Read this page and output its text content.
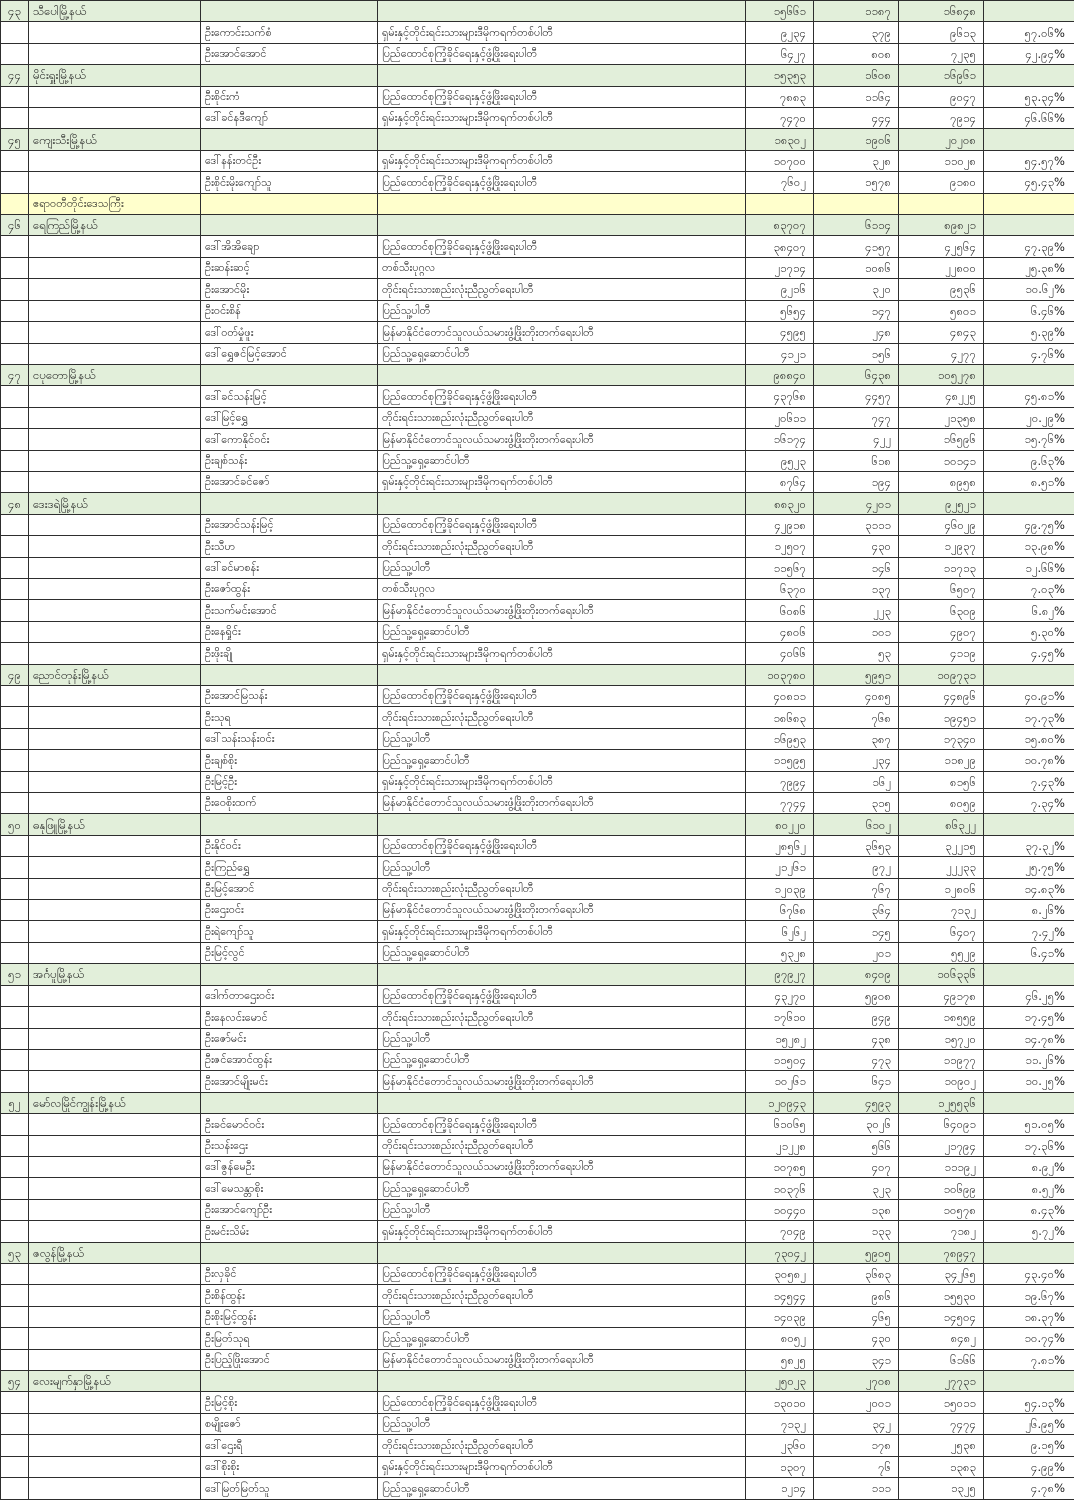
၄၃	သီပေါမြို့နယ်			၁၅၆၆၁	၁၁၈၇	၁၆၈၄၈	
		ဦးကောင်းသက်စံ	ရှမ်းနှင့်တိုင်းရင်းသားများဒီမိုကရက်တစ်ပါတီ	၉၂၃၄	၃၇၉	၉၆၁၃	၅၇.၀၆%
		ဦးအောင်အောင်	ပြည်ထောင်စုကြံ့ခိုင်ရေးနှင့်ဖွံ့ဖြိုးရေးပါတီ	၆၄၂၇	၈၀၈	၇၂၃၅	၄၂.၉၄%
၄၄	မိုင်းရှူးမြို့နယ်			၁၅၃၅၃	၁၆၀၈	၁၆၉၆၁	
		ဦးစိုင်းကံ	ပြည်ထောင်စုကြံ့ခိုင်ရေးနှင့်ဖွံ့ဖြိုးရေးပါတီ	၇၈၈၃	၁၁၆၄	၉၀၄၇	၅၃.၃၄%
		ဒေါ်ခင်နဒီကျော်	ရှမ်းနှင့်တိုင်းရင်းသားများဒီမိုကရက်တစ်ပါတီ	၇၄၇၀	၄၄၄	၇၉၁၄	၄၆.၆၆%
၄၅	ကျေးသီးမြို့နယ်			၁၈၃၀၂	၁၉၀၆	၂၀၂၀၈	
		ဒေါ်နန်းတင်ဦး	ရှမ်းနှင့်တိုင်းရင်းသားများဒီမိုကရက်တစ်ပါတီ	၁၀၇၀၀	၃၂၈	၁၁၀၂၈	၅၄.၅၇%
		ဦးစိုင်းမိုးကျော်သူ	ပြည်ထောင်စုကြံ့ခိုင်ရေးနှင့်ဖွံ့ဖြိုးရေးပါတီ	၇၆၀၂	၁၅၇၈	၉၁၈၀	၄၅.၄၃%
	ဧရာဝတီတိုင်းဒေသကြီး						
၄၆	ရေကြည်မြို့နယ်			၈၃၇၀၇	၆၁၁၄	၈၉၈၂၁	
		ဒေါ်အိအိချော	ပြည်ထောင်စုကြံ့ခိုင်ရေးနှင့်ဖွံ့ဖြိုးရေးပါတီ	၃၈၄၀၇	၄၁၅၇	၄၂၅၆၄	၄၇.၃၉%
		ဦးဆန်းဆင့်	တစ်သီးပုဂ္ဂလ	၂၁၇၁၄	၁၀၈၆	၂၂၈၀၀	၂၅.၃၈%
		ဦးအောင်မိုး	တိုင်းရင်းသားစည်းလုံးညီညွတ်ရေးပါတီ	၉၂၁၆	၃၂၀	၉၅၃၆	၁၀.၆၂%
		ဦးဝင်းစိန်	ပြည်သူ့ပါတီ	၅၆၅၄	၁၄၇	၅၈၀၁	၆.၄၆%
		ဒေါ်ဝတ်မှုံဖူး	မြန်မာနိုင်ငံတောင်သူလယ်သမားဖွံ့ဖြိုးတိုးတက်ရေးပါတီ	၄၅၉၅	၂၄၈	၄၈၄၃	၅.၃၉%
		ဒေါ်ရွှေဇင်မြင့်အောင်	ပြည်သူ့ရှေ့ဆောင်ပါတီ	၄၁၂၁	၁၅၆	၄၂၇၇	၄.၇၆%
၄၇	ငပုတောမြို့နယ်			၉၈၈၄၀	၆၄၃၈	၁၀၅၂၇၈	
		ဒေါ်ခင်သန်းမြင့်	ပြည်ထောင်စုကြံ့ခိုင်ရေးနှင့်ဖွံ့ဖြိုးရေးပါတီ	၄၃၇၆၈	၄၄၅၇	၄၈၂၂၅	၄၅.၈၁%
		ဒေါ်မြင့်ရွှေ	တိုင်းရင်းသားစည်းလုံးညီညွတ်ရေးပါတီ	၂၀၆၁၁	၇၄၇	၂၁၃၅၈	၂၀.၂၉%
		ဒေါ်ကောနိုင်ဝင်း	မြန်မာနိုင်ငံတောင်သူလယ်သမားဖွံ့ဖြိုးတိုးတက်ရေးပါတီ	၁၆၁၇၄	၄၂၂	၁၆၅၉၆	၁၅.၇၆%
		ဦးချစ်သန်း	ပြည်သူ့ရှေ့ဆောင်ပါတီ	၉၅၂၃	၆၁၈	၁၀၁၄၁	၉.၆၃%
		ဦးအောင်ခင်ဇော်	ရှမ်းနှင့်တိုင်းရင်းသားများဒီမိုကရက်တစ်ပါတီ	၈၇၆၄	၁၉၄	၈၉၅၈	၈.၅၁%
၄၈	ဒေးဒရဲမြို့နယ်			၈၈၃၂၀	၄၂၀၁	၉၂၅၂၁	
		ဦးအောင်သန်းမြင့်	ပြည်ထောင်စုကြံ့ခိုင်ရေးနှင့်ဖွံ့ဖြိုးရေးပါတီ	၄၂၉၁၈	၃၁၁၁	၄၆၀၂၉	၄၉.၇၅%
		ဦးသီဟ	တိုင်းရင်းသားစည်းလုံးညီညွတ်ရေးပါတီ	၁၂၅၀၇	၄၃၀	၁၂၉၃၇	၁၃.၉၈%
		ဒေါ်ခင်မာစန်း	ပြည်သူ့ပါတီ	၁၁၅၆၇	၁၄၆	၁၁၇၁၃	၁၂.၆၆%
		ဦးဇော်ထွန်း	တစ်သီးပုဂ္ဂလ	၆၃၇၀	၁၃၇	၆၅၀၇	၇.၀၃%
		ဦးသက်မင်းအောင်	မြန်မာနိုင်ငံတောင်သူလယ်သမားဖွံ့ဖြိုးတိုးတက်ရေးပါတီ	၆၀၈၆	၂၂၃	၆၃၀၉	၆.၈၂%
		ဦးနေရှိုင်း	ပြည်သူ့ရှေ့ဆောင်ပါတီ	၄၈၀၆	၁၀၁	၄၉၀၇	၅.၃၀%
		ဦးဖိုးချို	ရှမ်းနှင့်တိုင်းရင်းသားများဒီမိုကရက်တစ်ပါတီ	၄၀၆၆	၅၃	၄၁၁၉	၄.၄၅%
၄၉	ညောင်တုန်းမြို့နယ်			၁၀၃၇၈၀	၅၉၅၁	၁၀၉၇၃၁	
		ဦးအောင်မြသန်း	ပြည်ထောင်စုကြံ့ခိုင်ရေးနှင့်ဖွံ့ဖြိုးရေးပါတီ	၄၀၈၁၁	၄၀၈၅	၄၄၈၉၆	၄၀.၉၁%
		ဦးသုရ	တိုင်းရင်းသားစည်းလုံးညီညွတ်ရေးပါတီ	၁၈၆၈၃	၇၆၈	၁၉၄၅၁	၁၇.၇၃%
		ဒေါ်သန်းသန်းဝင်း	ပြည်သူ့ပါတီ	၁၆၉၅၃	၃၈၇	၁၇၃၄၀	၁၅.၈၀%
		ဦးချစ်စိုး	ပြည်သူ့ရှေ့ဆောင်ပါတီ	၁၁၅၉၅	၂၃၄	၁၁၈၂၉	၁၀.၇၈%
		ဦးမြင့်ဦး	ရှမ်းနှင့်တိုင်းရင်းသားများဒီမိုကရက်တစ်ပါတီ	၇၉၉၄	၁၆၂	၈၁၅၆	၇.၄၃%
		ဦးဝေစိုးထက်	မြန်မာနိုင်ငံတောင်သူလယ်သမားဖွံ့ဖြိုးတိုးတက်ရေးပါတီ	၇၇၄၄	၃၁၅	၈၀၅၉	၇.၃၄%
၅၀	ဓနုဖြူမြို့နယ်			၈၀၂၂၀	၆၁၀၂	၈၆၃၂၂	
		ဦးနိုင်ဝင်း	ပြည်ထောင်စုကြံ့ခိုင်ရေးနှင့်ဖွံ့ဖြိုးရေးပါတီ	၂၈၅၆၂	၃၆၅၃	၃၂၂၁၅	၃၇.၃၂%
		ဦးကြည်ရွှေ	ပြည်သူ့ပါတီ	၂၁၂၆၁	၉၇၂	၂၂၂၃၃	၂၅.၇၅%
		ဦးမြင့်အောင်	တိုင်းရင်းသားစည်းလုံးညီညွတ်ရေးပါတီ	၁၂၀၃၉	၇၆၇	၁၂၈၀၆	၁၄.၈၃%
		ဦးဌေးဝင်း	မြန်မာနိုင်ငံတောင်သူလယ်သမားဖွံ့ဖြိုးတိုးတက်ရေးပါတီ	၆၇၆၈	၃၆၄	၇၁၃၂	၈.၂၆%
		ဦးရဲကျော်သူ	ရှမ်းနှင့်တိုင်းရင်းသားများဒီမိုကရက်တစ်ပါတီ	၆၂၆၂	၁၄၅	၆၄၀၇	၇.၄၂%
		ဦးမြင့်လွင်	ပြည်သူ့ရှေ့ဆောင်ပါတီ	၅၃၂၈	၂၀၁	၅၅၂၉	၆.၄၁%
၅၁	အင်္ဂပူမြို့နယ်			၉၇၉၂၇	၈၄၀၉	၁၀၆၃၃၆	
		ဒေါက်တာဌေးဝင်း	ပြည်ထောင်စုကြံ့ခိုင်ရေးနှင့်ဖွံ့ဖြိုးရေးပါတီ	၄၃၂၇၀	၅၉၀၈	၄၉၁၇၈	၄၆.၂၅%
		ဦးနေလင်းမောင်	တိုင်းရင်းသားစည်းလုံးညီညွတ်ရေးပါတီ	၁၇၆၁၀	၉၄၉	၁၈၅၅၉	၁၇.၄၅%
		ဦးဇော်မင်း	ပြည်သူ့ပါတီ	၁၅၂၈၂	၄၃၈	၁၅၇၂၀	၁၄.၇၈%
		ဦးဇင်အောင်ထွန်း	ပြည်သူ့ရှေ့ဆောင်ပါတီ	၁၁၅၀၄	၄၇၃	၁၁၉၇၇	၁၁.၂၆%
		ဦးအောင်မျိုးမင်း	မြန်မာနိုင်ငံတောင်သူလယ်သမားဖွံ့ဖြိုးတိုးတက်ရေးပါတီ	၁၀၂၆၁	၆၄၁	၁၀၉၀၂	၁၀.၂၅%
၅၂	မော်လမြိုင်ကျွန်းမြို့နယ်			၁၂၀၉၄၃	၄၅၉၃	၁၂၅၅၃၆	
		ဦးခင်မောင်ဝင်း	ပြည်ထောင်စုကြံ့ခိုင်ရေးနှင့်ဖွံ့ဖြိုးရေးပါတီ	၆၁၀၆၅	၃၀၂၆	၆၄၀၉၁	၅၁.၀၅%
		ဦးသန်းဌေး	တိုင်းရင်းသားစည်းလုံးညီညွတ်ရေးပါတီ	၂၁၂၂၈	၅၆၆	၂၁၇၉၄	၁၇.၃၆%
		ဒေါ်ဇွန်မေဦး	မြန်မာနိုင်ငံတောင်သူလယ်သမားဖွံ့ဖြိုးတိုးတက်ရေးပါတီ	၁၀၇၈၅	၄၀၇	၁၁၁၉၂	၈.၉၂%
		ဒေါ်မေသန္တာစိုး	ပြည်သူ့ရှေ့ဆောင်ပါတီ	၁၀၃၇၆	၃၂၃	၁၀၆၉၉	၈.၅၂%
		ဦးအောင်ကျော်ဦး	ပြည်သူ့ပါတီ	၁၀၄၄၀	၁၃၈	၁၀၅၇၈	၈.၄၃%
		ဦးမင်းသိမ်း	ရှမ်းနှင့်တိုင်းရင်းသားများဒီမိုကရက်တစ်ပါတီ	၇၀၄၉	၁၃၃	၇၁၈၂	၅.၇၂%
၅၃	ဇလွန်မြို့နယ်			၇၃၀၄၂	၅၉၀၅	၇၈၉၄၇	
		ဦးလှခိုင်	ပြည်ထောင်စုကြံ့ခိုင်ရေးနှင့်ဖွံ့ဖြိုးရေးပါတီ	၃၀၅၈၂	၃၆၈၃	၃၄၂၆၅	၄၃.၄၀%
		ဦးစိန်ထွန်း	တိုင်းရင်းသားစည်းလုံးညီညွတ်ရေးပါတီ	၁၄၅၄၄	၉၈၆	၁၅၅၃၀	၁၉.၆၇%
		ဦးစိုးမြင့်ထွန်း	ပြည်သူ့ပါတီ	၁၄၀၃၉	၄၆၅	၁၄၅၀၄	၁၈.၃၇%
		ဦးမြတ်သုရ	ပြည်သူ့ရှေ့ဆောင်ပါတီ	၈၀၅၂	၄၃၀	၈၄၈၂	၁၀.၇၄%
		ဦးပြည့်ဖြိုးအောင်	မြန်မာနိုင်ငံတောင်သူလယ်သမားဖွံ့ဖြိုးတိုးတက်ရေးပါတီ	၅၈၂၅	၃၄၁	၆၁၆၆	၇.၈၁%
၅၄	လေးမျက်နှာမြို့နယ်			၂၅၀၂၃	၂၇၀၈	၂၇၇၃၁	
		ဦးမြင့်စိုး	ပြည်ထောင်စုကြံ့ခိုင်ရေးနှင့်ဖွံ့ဖြိုးရေးပါတီ	၁၃၀၁၀	၂၀၀၁	၁၅၀၁၁	၅၄.၁၃%
		စမျိုးဇော်	ပြည်သူ့ပါတီ	၇၁၃၂	၃၄၂	၇၄၇၄	၂၆.၉၅%
		ဒေါ်ဌေးရီ	တိုင်းရင်းသားစည်းလုံးညီညွတ်ရေးပါတီ	၂၃၆၀	၁၇၈	၂၅၃၈	၉.၁၅%
		ဒေါ်စိုးစိုး	ရှမ်းနှင့်တိုင်းရင်းသားများဒီမိုကရက်တစ်ပါတီ	၁၃၀၇	၇၆	၁၃၈၃	၄.၉၉%
		ဒေါ်မြတ်မြတ်သူ	ပြည်သူ့ရှေ့ဆောင်ပါတီ	၁၂၁၄	၁၁၁	၁၃၂၅	၄.၇၈%
